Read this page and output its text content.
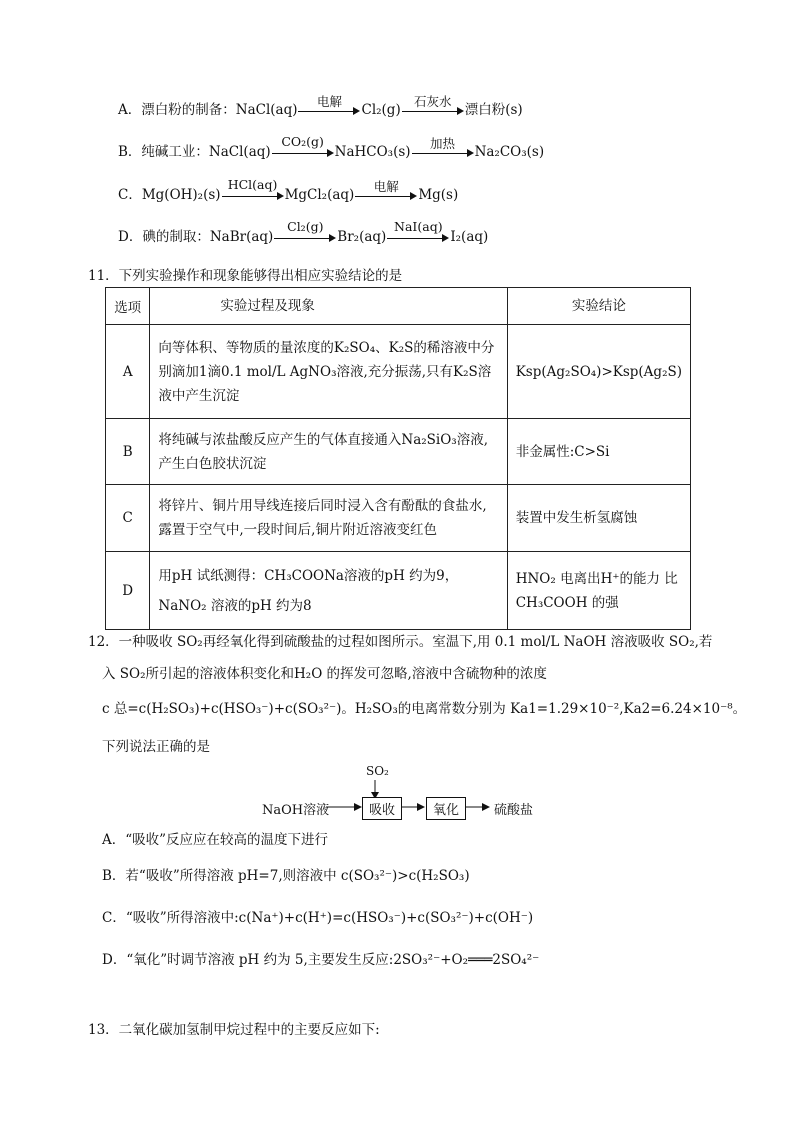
A．漂白粉的制备：NaCl(aq)
电解
Cl₂(g)
石灰水
漂白粉(s)
B．纯碱工业：NaCl(aq)
CO₂(g)
NaHCO₃(s)
加热
Na₂CO₃(s)
C．Mg(OH)₂(s)
HCl(aq)
MgCl₂(aq)
电解
Mg(s)
D．碘的制取：NaBr(aq)
Cl₂(g)
Br₂(aq)
NaI(aq)
I₂(aq)
11．下列实验操作和现象能够得出相应实验结论的是
选项	实验过程及现象	实验结论
A	向等体积、等物质的量浓度的K₂SO₄、K₂S的稀溶液中分别滴加1滴0.1 mol/L AgNO₃溶液,充分振荡,只有K₂S溶液中产生沉淀	Ksp(Ag₂SO₄)>Ksp(Ag₂S)
B	将纯碱与浓盐酸反应产生的气体直接通入Na₂SiO₃溶液,产生白色胶状沉淀	非金属性:C>Si
C	将锌片、铜片用导线连接后同时浸入含有酚酞的食盐水,露置于空气中,一段时间后,铜片附近溶液变红色	装置中发生析氢腐蚀
D	用pH 试纸测得：CH₃COONa溶液的pH 约为9，
NaNO₂ 溶液的pH 约为8	HNO₂ 电离出H⁺的能力 比 CH₃COOH 的强
12．一种吸收 SO₂再经氧化得到硫酸盐的过程如图所示。室温下,用 0.1 mol/L NaOH 溶液吸收 SO₂,若
入 SO₂所引起的溶液体积变化和H₂O 的挥发可忽略,溶液中含硫物种的浓度
c 总=c(H₂SO₃)+c(HSO₃⁻)+c(SO₃²⁻)。H₂SO₃的电离常数分别为 Ka1=1.29×10⁻²,Ka2=6.24×10⁻⁸。
下列说法正确的是
SO₂
NaOH溶液	吸收	氧化	硫酸盐
A．“吸收”反应应在较高的温度下进行
B．若“吸收”所得溶液 pH=7,则溶液中 c(SO₃²⁻)>c(H₂SO₃)
C．“吸收”所得溶液中:c(Na⁺)+c(H⁺)=c(HSO₃⁻)+c(SO₃²⁻)+c(OH⁻)
D．“氧化”时调节溶液 pH 约为 5,主要发生反应:2SO₃²⁻+O₂═══2SO₄²⁻
13．二氧化碳加氢制甲烷过程中的主要反应如下:
